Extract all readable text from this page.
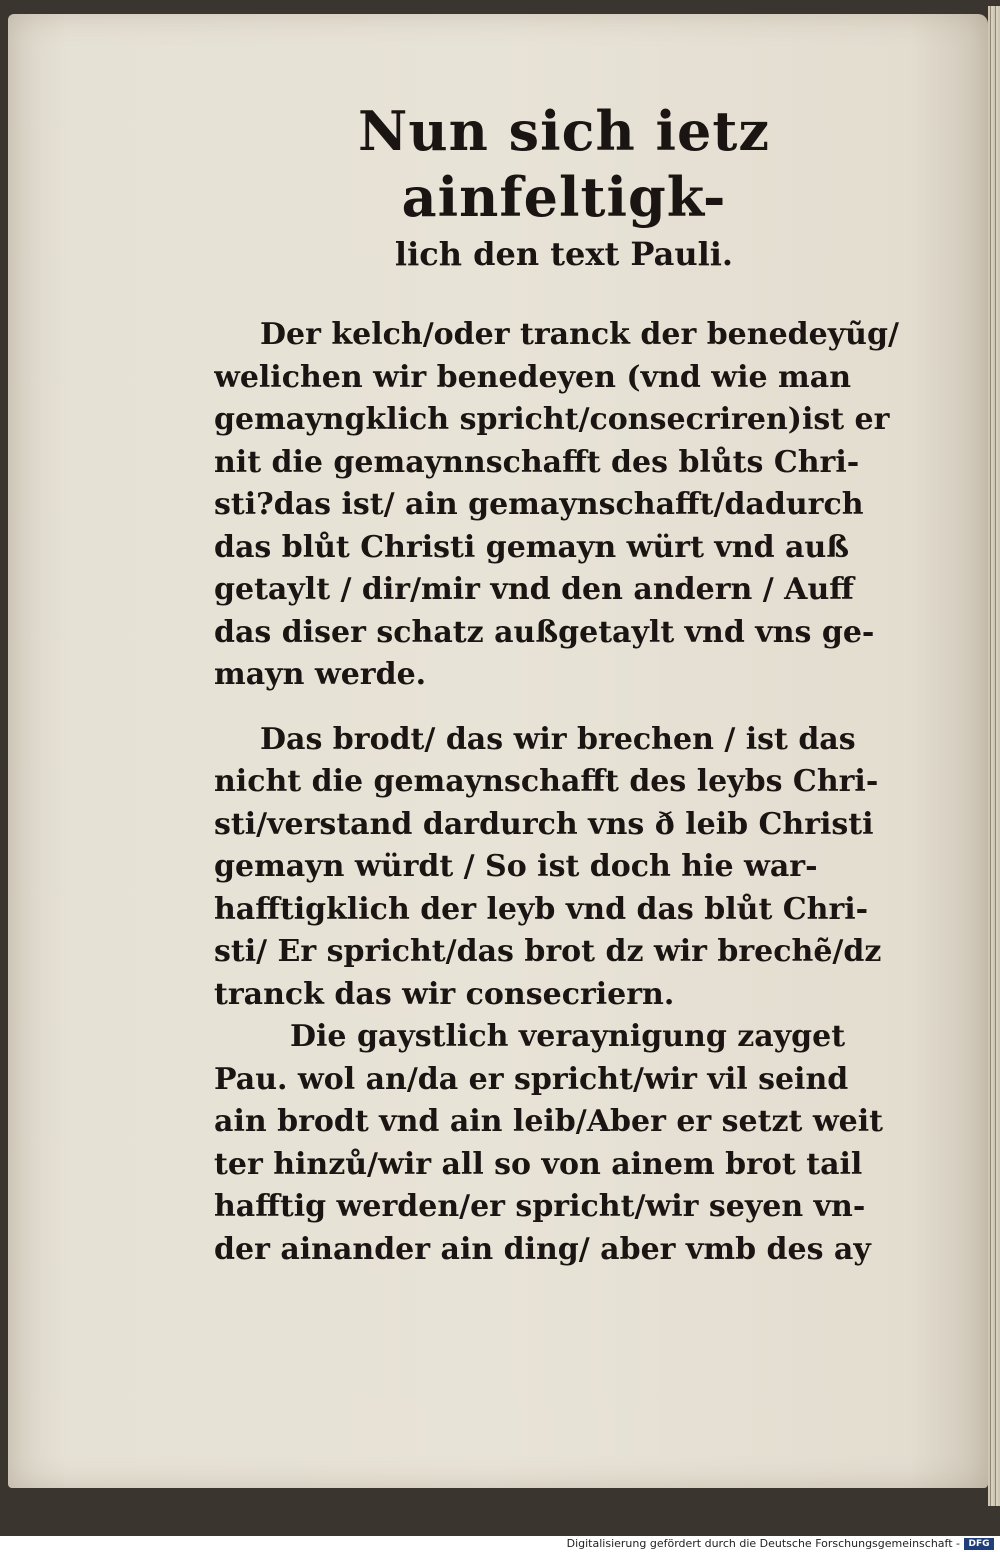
Nun sich ietz ainfeltigk-
lich den text Pauli.

Der kelch/oder tranck der benedeyũg/
welichen wir benedeyen (vnd wie man
gemayngklich spricht/consecriren)ist er
nit die gemaynnschafft des blůts Chri-
sti?das ist/ ain gemaynschafft/dadurch
das blůt Christi gemayn würt vnd auß
getaylt / dir/mir vnd den andern / Auff
das diser schatz außgetaylt vnd vns ge-
mayn werde.

Das brodt/ das wir brechen / ist das
nicht die gemaynschafft des leybs Chri-
sti/verstand dardurch vns ð leib Christi
gemayn würdt / So ist doch hie war-
hafftigklich der leyb vnd das blůt Chri-
sti/ Er spricht/das brot dz wir brechẽ/dz
tranck das wir consecriern.

Die gaystlich veraynigung zayget
Pau. wol an/da er spricht/wir vil seind
ain brodt vnd ain leib/Aber er setzt weit
ter hinzů/wir all so von ainem brot tail
hafftig werden/er spricht/wir seyen vn-
der ainander ain ding/ aber vmb des ay

Digitalisierung gefördert durch die Deutsche Forschungsgemeinschaft - DFG
